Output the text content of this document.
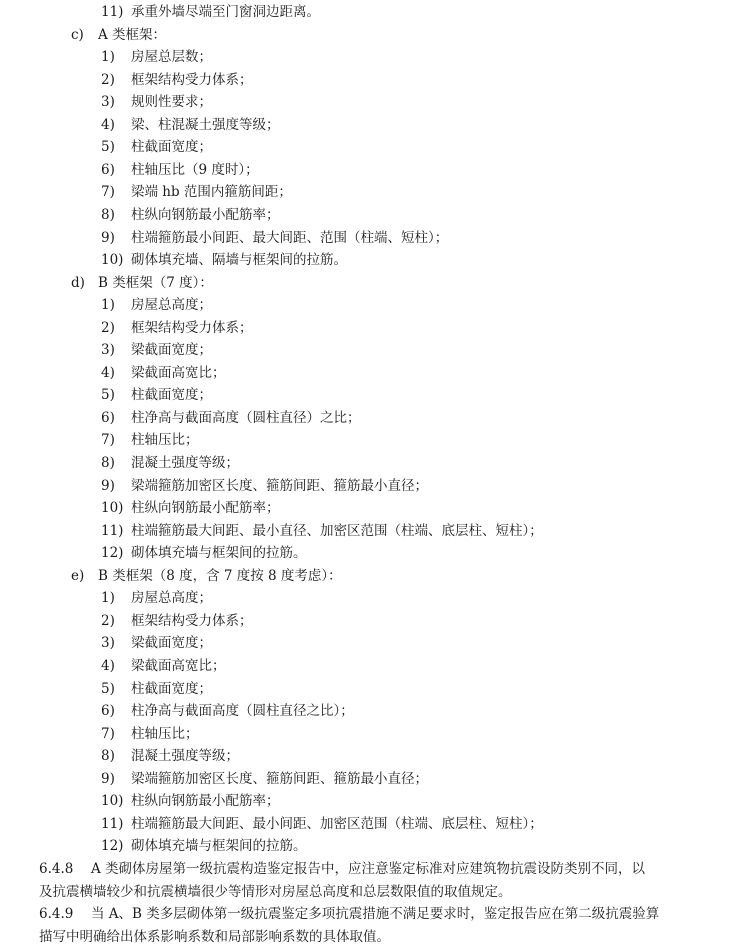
11) 承重外墙尽端至门窗洞边距离。
c) A 类框架：
1)	房屋总层数；
2)	框架结构受力体系；
3)	规则性要求；
4)	梁、柱混凝土强度等级；
5)	柱截面宽度；
6)	柱轴压比（9 度时）；
7)	梁端 hb 范围内箍筋间距；
8)	柱纵向钢筋最小配筋率；
9)	柱端箍筋最小间距、最大间距、范围（柱端、短柱）；
10) 砌体填充墙、隔墙与框架间的拉筋。
d) B 类框架（7 度）：
1)	房屋总高度；
2)	框架结构受力体系；
3)	梁截面宽度；
4)	梁截面高宽比；
5)	柱截面宽度；
6)	柱净高与截面高度（圆柱直径）之比；
7)	柱轴压比；
8)	混凝土强度等级；
9)	梁端箍筋加密区长度、箍筋间距、箍筋最小直径；
10) 柱纵向钢筋最小配筋率；
11) 柱端箍筋最大间距、最小直径、加密区范围（柱端、底层柱、短柱）；
12) 砌体填充墙与框架间的拉筋。
e) B 类框架（8 度，含 7 度按 8 度考虑）：
1)	房屋总高度；
2)	框架结构受力体系；
3)	梁截面宽度；
4)	梁截面高宽比；
5)	柱截面宽度；
6)	柱净高与截面高度（圆柱直径之比）；
7)	柱轴压比；
8)	混凝土强度等级；
9)	梁端箍筋加密区长度、箍筋间距、箍筋最小直径；
10) 柱纵向钢筋最小配筋率；
11) 柱端箍筋最大间距、最小间距、加密区范围（柱端、底层柱、短柱）；
12) 砌体填充墙与框架间的拉筋。
6.4.8 A 类砌体房屋第一级抗震构造鉴定报告中，应注意鉴定标准对应建筑物抗震设防类别不同，以
及抗震横墙较少和抗震横墙很少等情形对房屋总高度和总层数限值的取值规定。
6.4.9 当 A、B 类多层砌体第一级抗震鉴定多项抗震措施不满足要求时，鉴定报告应在第二级抗震验算
描写中明确给出体系影响系数和局部影响系数的具体取值。
